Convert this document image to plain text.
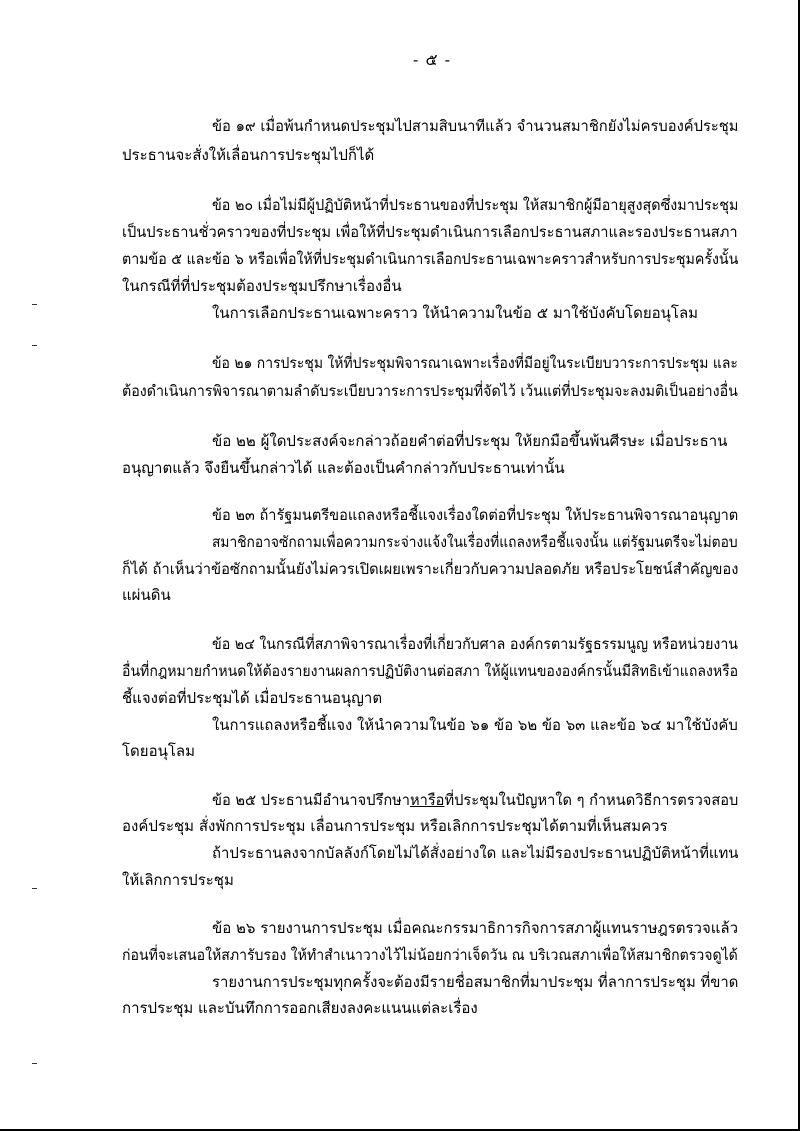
- ๕ -
ข้อ ๑๙ เมื่อพ้นกำหนดประชุมไปสามสิบนาทีแล้ว จำนวนสมาชิกยังไม่ครบองค์ประชุม
ประธานจะสั่งให้เลื่อนการประชุมไปก็ได้
ข้อ ๒๐ เมื่อไม่มีผู้ปฏิบัติหน้าที่ประธานของที่ประชุม ให้สมาชิกผู้มีอายุสูงสุดซึ่งมาประชุม
เป็นประธานชั่วคราวของที่ประชุม เพื่อให้ที่ประชุมดำเนินการเลือกประธานสภาและรองประธานสภา
ตามข้อ ๕ และข้อ ๖ หรือเพื่อให้ที่ประชุมดำเนินการเลือกประธานเฉพาะคราวสำหรับการประชุมครั้งนั้น
ในกรณีที่ที่ประชุมต้องประชุมปรึกษาเรื่องอื่น
ในการเลือกประธานเฉพาะคราว ให้นำความในข้อ ๕ มาใช้บังคับโดยอนุโลม
ข้อ ๒๑ การประชุม ให้ที่ประชุมพิจารณาเฉพาะเรื่องที่มีอยู่ในระเบียบวาระการประชุม และ
ต้องดำเนินการพิจารณาตามลำดับระเบียบวาระการประชุมที่จัดไว้ เว้นแต่ที่ประชุมจะลงมติเป็นอย่างอื่น
ข้อ ๒๒ ผู้ใดประสงค์จะกล่าวถ้อยคำต่อที่ประชุม ให้ยกมือขึ้นพ้นศีรษะ เมื่อประธาน
อนุญาตแล้ว จึงยืนขึ้นกล่าวได้ และต้องเป็นคำกล่าวกับประธานเท่านั้น
ข้อ ๒๓ ถ้ารัฐมนตรีขอแถลงหรือชี้แจงเรื่องใดต่อที่ประชุม ให้ประธานพิจารณาอนุญาต
สมาชิกอาจซักถามเพื่อความกระจ่างแจ้งในเรื่องที่แถลงหรือชี้แจงนั้น แต่รัฐมนตรีจะไม่ตอบ
ก็ได้ ถ้าเห็นว่าข้อซักถามนั้นยังไม่ควรเปิดเผยเพราะเกี่ยวกับความปลอดภัย หรือประโยชน์สำคัญของ
แผ่นดิน
ข้อ ๒๔ ในกรณีที่สภาพิจารณาเรื่องที่เกี่ยวกับศาล องค์กรตามรัฐธรรมนูญ หรือหน่วยงาน
อื่นที่กฎหมายกำหนดให้ต้องรายงานผลการปฏิบัติงานต่อสภา ให้ผู้แทนขององค์กรนั้นมีสิทธิเข้าแถลงหรือ
ชี้แจงต่อที่ประชุมได้ เมื่อประธานอนุญาต
ในการแถลงหรือชี้แจง ให้นำความในข้อ ๖๑ ข้อ ๖๒ ข้อ ๖๓ และข้อ ๖๔ มาใช้บังคับ
โดยอนุโลม
ข้อ ๒๕ ประธานมีอำนาจปรึกษาหารือที่ประชุมในปัญหาใด ๆ กำหนดวิธีการตรวจสอบ
องค์ประชุม สั่งพักการประชุม เลื่อนการประชุม หรือเลิกการประชุมได้ตามที่เห็นสมควร
ถ้าประธานลงจากบัลลังก์โดยไม่ได้สั่งอย่างใด และไม่มีรองประธานปฏิบัติหน้าที่แทน
ให้เลิกการประชุม
ข้อ ๒๖ รายงานการประชุม เมื่อคณะกรรมาธิการกิจการสภาผู้แทนราษฎรตรวจแล้ว
ก่อนที่จะเสนอให้สภารับรอง ให้ทำสำเนาวางไว้ไม่น้อยกว่าเจ็ดวัน ณ บริเวณสภาเพื่อให้สมาชิกตรวจดูได้
รายงานการประชุมทุกครั้งจะต้องมีรายชื่อสมาชิกที่มาประชุม ที่ลาการประชุม ที่ขาด
การประชุม และบันทึกการออกเสียงลงคะแนนแต่ละเรื่อง
